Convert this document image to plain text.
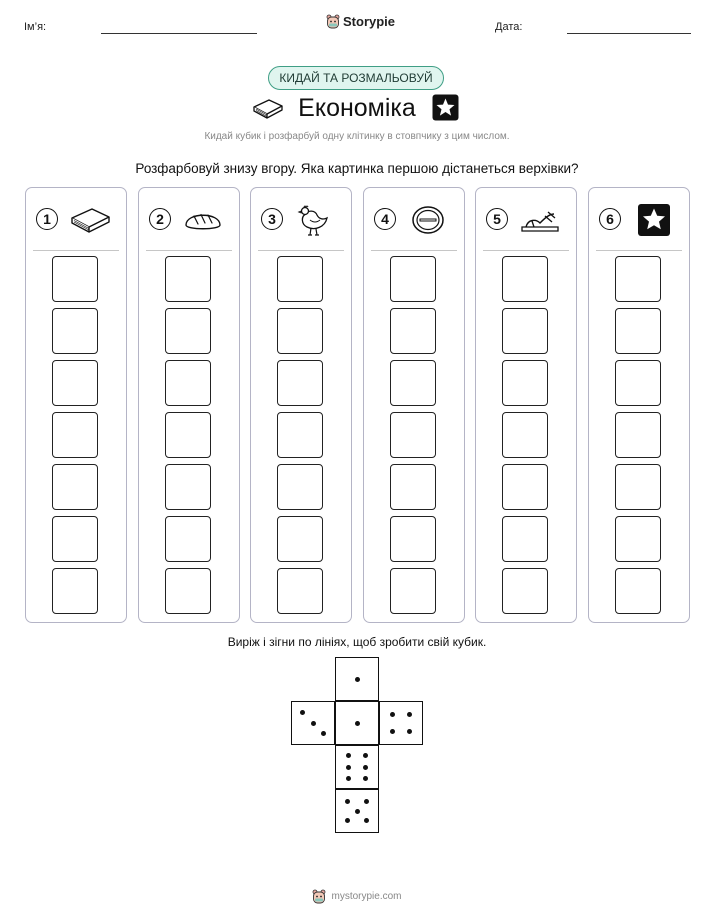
Ім’я:	Storypie	Дата:
КИДАЙ ТА РОЗМАЛЬОВУЙ
Економіка
Кидай кубик і розфарбуй одну клітинку в стовпчику з цим числом.
Розфарбовуй знизу вгору. Яка картинка першою дістанеться верхівки?
1	2	3	4	5	6
Виріж і зігни по лініях, щоб зробити свій кубик.
mystorypie.com
